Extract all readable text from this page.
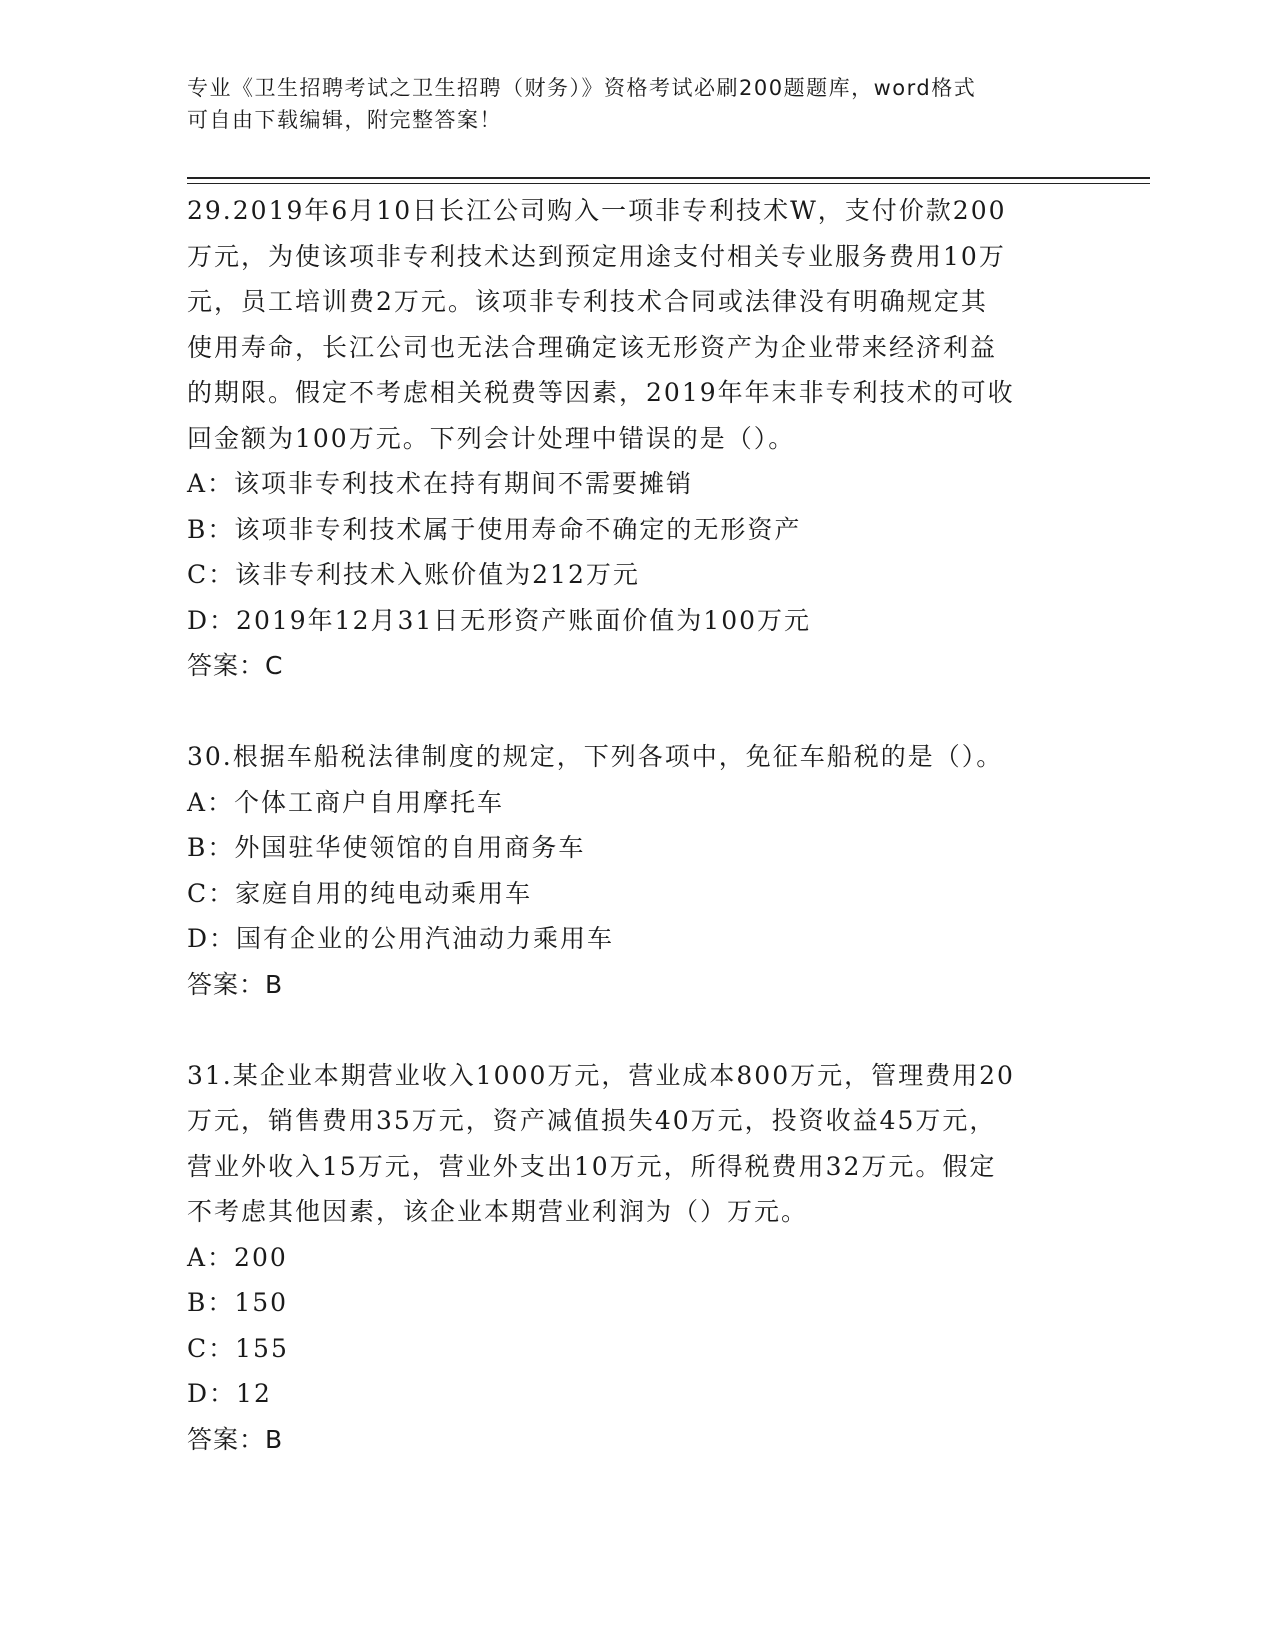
专业《卫生招聘考试之卫生招聘（财务）》资格考试必刷200题题库，word格式
可自由下载编辑，附完整答案！
29.2019年6月10日长江公司购入一项非专利技术W，支付价款200
万元，为使该项非专利技术达到预定用途支付相关专业服务费用10万
元，员工培训费2万元。该项非专利技术合同或法律没有明确规定其
使用寿命，长江公司也无法合理确定该无形资产为企业带来经济利益
的期限。假定不考虑相关税费等因素，2019年年末非专利技术的可收
回金额为100万元。下列会计处理中错误的是（）。
A：该项非专利技术在持有期间不需要摊销
B：该项非专利技术属于使用寿命不确定的无形资产
C：该非专利技术入账价值为212万元
D：2019年12月31日无形资产账面价值为100万元
答案：C
30.根据车船税法律制度的规定，下列各项中，免征车船税的是（）。
A：个体工商户自用摩托车
B：外国驻华使领馆的自用商务车
C：家庭自用的纯电动乘用车
D：国有企业的公用汽油动力乘用车
答案：B
31.某企业本期营业收入1000万元，营业成本800万元，管理费用20
万元，销售费用35万元，资产减值损失40万元，投资收益45万元，
营业外收入15万元，营业外支出10万元，所得税费用32万元。假定
不考虑其他因素，该企业本期营业利润为（）万元。
A：200
B：150
C：155
D：12
答案：B
